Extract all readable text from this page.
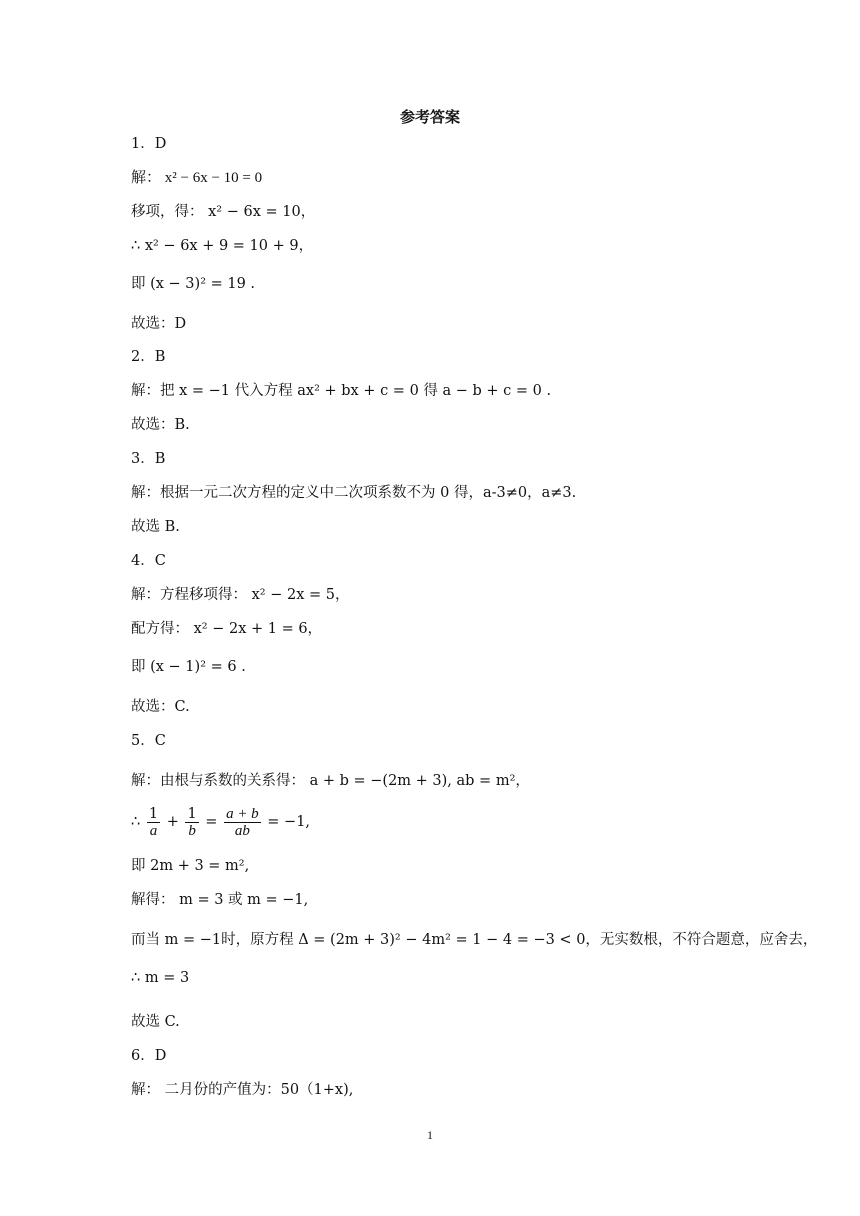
参考答案
1．D
解： x² − 6x − 10 = 0
移项，得： x² − 6x = 10，
∴ x² − 6x + 9 = 10 + 9，
即 (x − 3)² = 19 .
故选：D
2．B
解：把 x = −1 代入方程 ax² + bx + c = 0 得 a − b + c = 0 .
故选：B.
3．B
解：根据一元二次方程的定义中二次项系数不为 0 得，a-3≠0，a≠3.
故选 B.
4．C
解：方程移项得： x² − 2x = 5，
配方得： x² − 2x + 1 = 6，
即 (x − 1)² = 6 .
故选：C.
5．C
解：由根与系数的关系得： a + b = −(2m + 3), ab = m²，
∴ $\frac{1}{a} + \frac{1}{b} = \frac{a + b}{ab} = -1$,
即 2m + 3 = m²,
解得： m = 3 或 m = −1,
而当 m = −1时，原方程 Δ = (2m + 3)² − 4m² = 1 − 4 = −3 < 0，无实数根，不符合题意，应舍去，
∴ m = 3
故选 C.
6．D
解： 二月份的产值为：50（1+x),
1
